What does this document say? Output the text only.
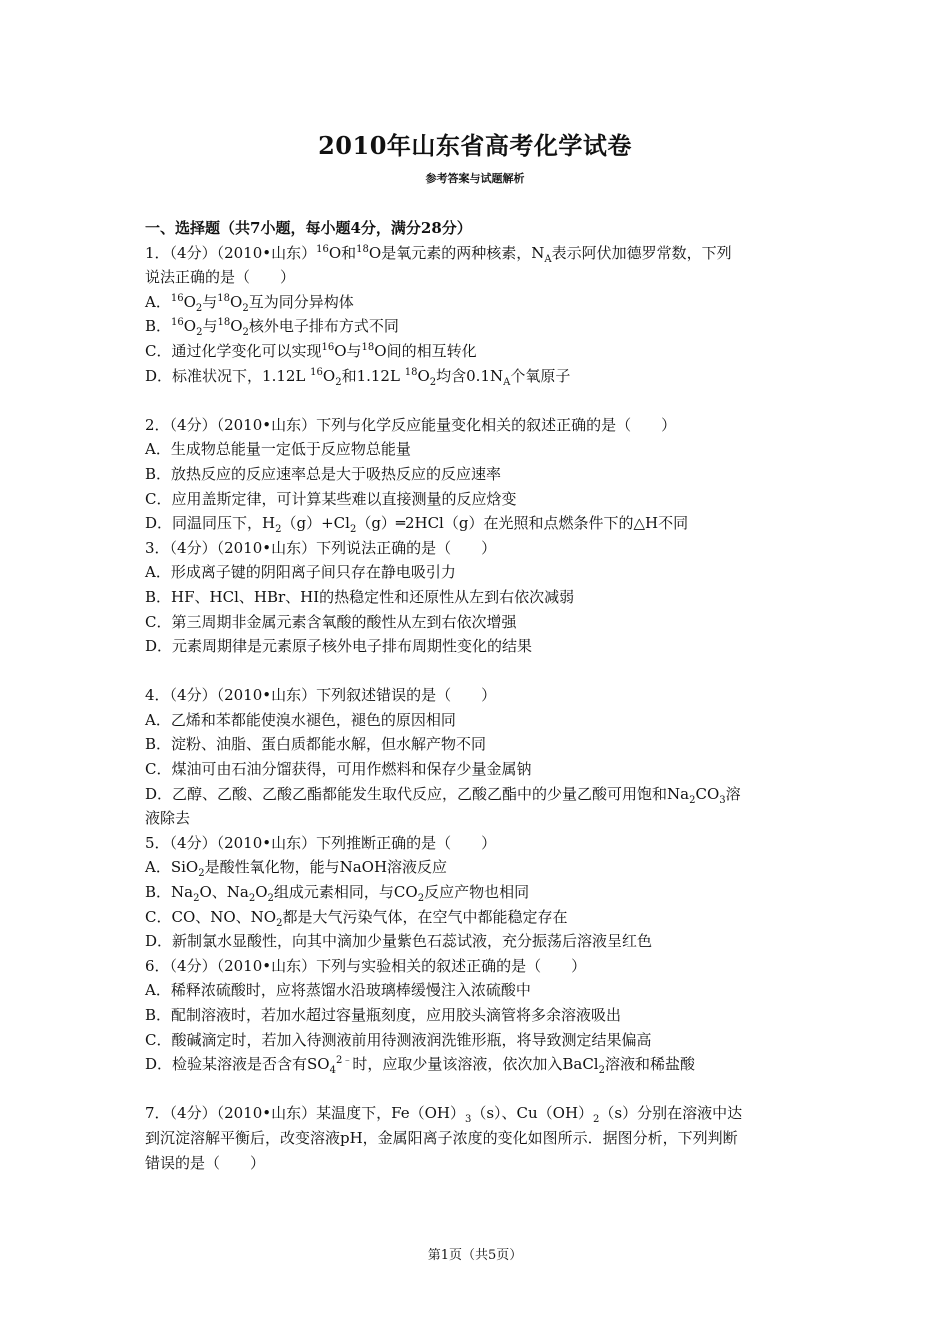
2010年山东省高考化学试卷
参考答案与试题解析
一、选择题（共7小题，每小题4分，满分28分）
1．（4分）（2010•山东）$^{16}$O和$^{18}$O是氧元素的两种核素，$N_A$表示阿伏加德罗常数，下列
说法正确的是（　　）
A．$^{16}O_2$与$^{18}O_2$互为同分异构体
B．$^{16}O_2$与$^{18}O_2$核外电子排布方式不同
C．通过化学变化可以实现$^{16}$O与$^{18}$O间的相互转化
D．标准状况下，1.12L $^{16}O_2$和1.12L $^{18}O_2$均含$0.1N_A$个氧原子
2．（4分）（2010•山东）下列与化学反应能量变化相关的叙述正确的是（　　）
A．生成物总能量一定低于反应物总能量
B．放热反应的反应速率总是大于吸热反应的反应速率
C．应用盖斯定律，可计算某些难以直接测量的反应焓变
D．同温同压下，$H_2(g)+Cl_2(g)═2HCl(g)$在光照和点燃条件下的△H不同
3．（4分）（2010•山东）下列说法正确的是（　　）
A．形成离子键的阴阳离子间只存在静电吸引力
B．HF、HCl、HBr、HI的热稳定性和还原性从左到右依次减弱
C．第三周期非金属元素含氧酸的酸性从左到右依次增强
D．元素周期律是元素原子核外电子排布周期性变化的结果
4．（4分）（2010•山东）下列叙述错误的是（　　）
A．乙烯和苯都能使溴水褪色，褪色的原因相同
B．淀粉、油脂、蛋白质都能水解，但水解产物不同
C．煤油可由石油分馏获得，可用作燃料和保存少量金属钠
D．乙醇、乙酸、乙酸乙酯都能发生取代反应，乙酸乙酯中的少量乙酸可用饱和$Na_2CO_3$溶
液除去
5．（4分）（2010•山东）下列推断正确的是（　　）
A．SiO$_2$是酸性氧化物，能与NaOH溶液反应
B．$Na_2O$、$Na_2O_2$组成元素相同，与$CO_2$反应产物也相同
C．CO、NO、$NO_2$都是大气污染气体，在空气中都能稳定存在
D．新制氯水显酸性，向其中滴加少量紫色石蕊试液，充分振荡后溶液呈红色
6．（4分）（2010•山东）下列与实验相关的叙述正确的是（　　）
A．稀释浓硫酸时，应将蒸馏水沿玻璃棒缓慢注入浓硫酸中
B．配制溶液时，若加水超过容量瓶刻度，应用胶头滴管将多余溶液吸出
C．酸碱滴定时，若加入待测液前用待测液润洗锥形瓶，将导致测定结果偏高
D．检验某溶液是否含有$SO_4^{2﹣}$时，应取少量该溶液，依次加入BaCl$_2$溶液和稀盐酸
7．（4分）（2010•山东）某温度下，$Fe(OH)_3(s)$、$Cu(OH)_2(s)$分别在溶液中达
到沉淀溶解平衡后，改变溶液pH，金属阳离子浓度的变化如图所示．据图分析，下列判断
错误的是（　　）
第1页（共5页）
